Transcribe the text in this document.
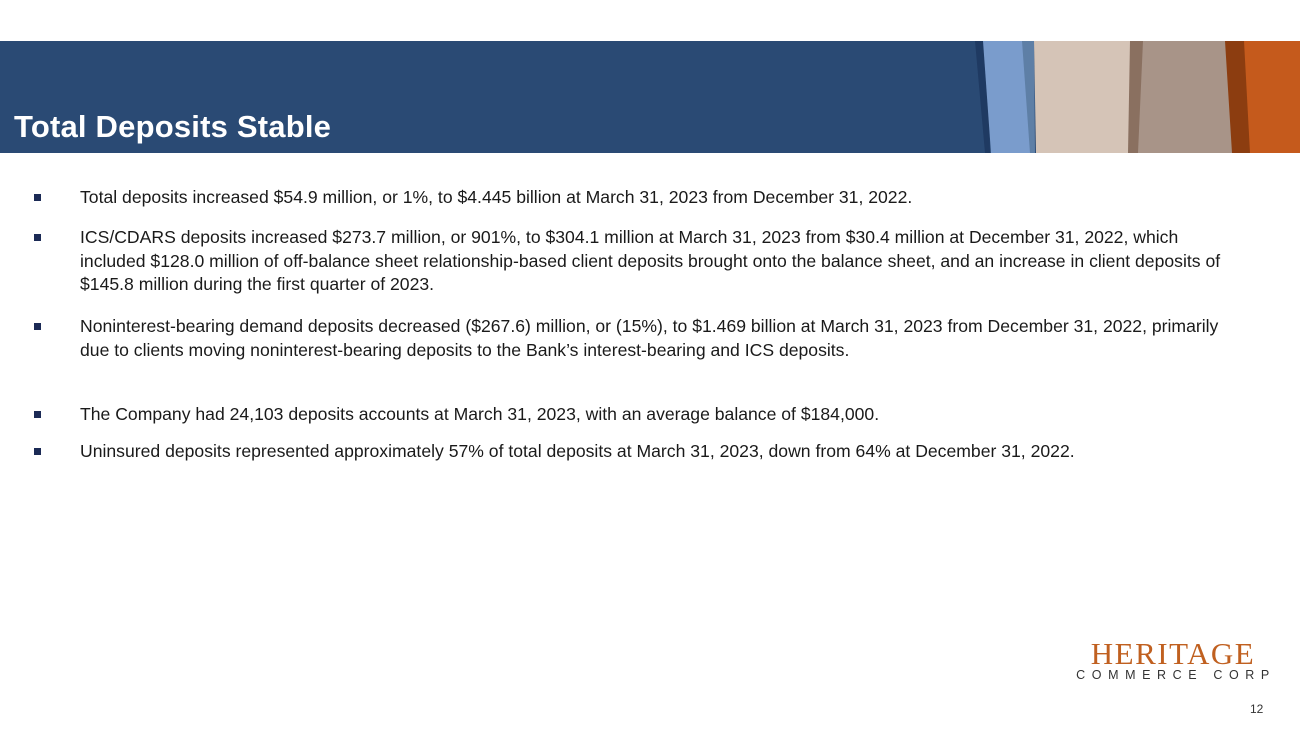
Total Deposits Stable

Total deposits increased $54.9 million, or 1%, to $4.445 billion at March 31, 2023 from December 31, 2022.

ICS/CDARS deposits increased $273.7 million, or 901%, to $304.1 million at March 31, 2023 from $30.4 million at December 31, 2022, which included $128.0 million of off-balance sheet relationship-based client deposits brought onto the balance sheet, and an increase in client deposits of $145.8 million during the first quarter of 2023.

Noninterest-bearing demand deposits decreased ($267.6) million, or (15%), to $1.469 billion at March 31, 2023 from December 31, 2022, primarily due to clients moving noninterest-bearing deposits to the Bank’s interest-bearing and ICS deposits.

The Company had 24,103 deposits accounts at March 31, 2023, with an average balance of $184,000.

Uninsured deposits represented approximately 57% of total deposits at March 31, 2023, down from 64% at December 31, 2022.

HERITAGE
COMMERCE CORP
12
